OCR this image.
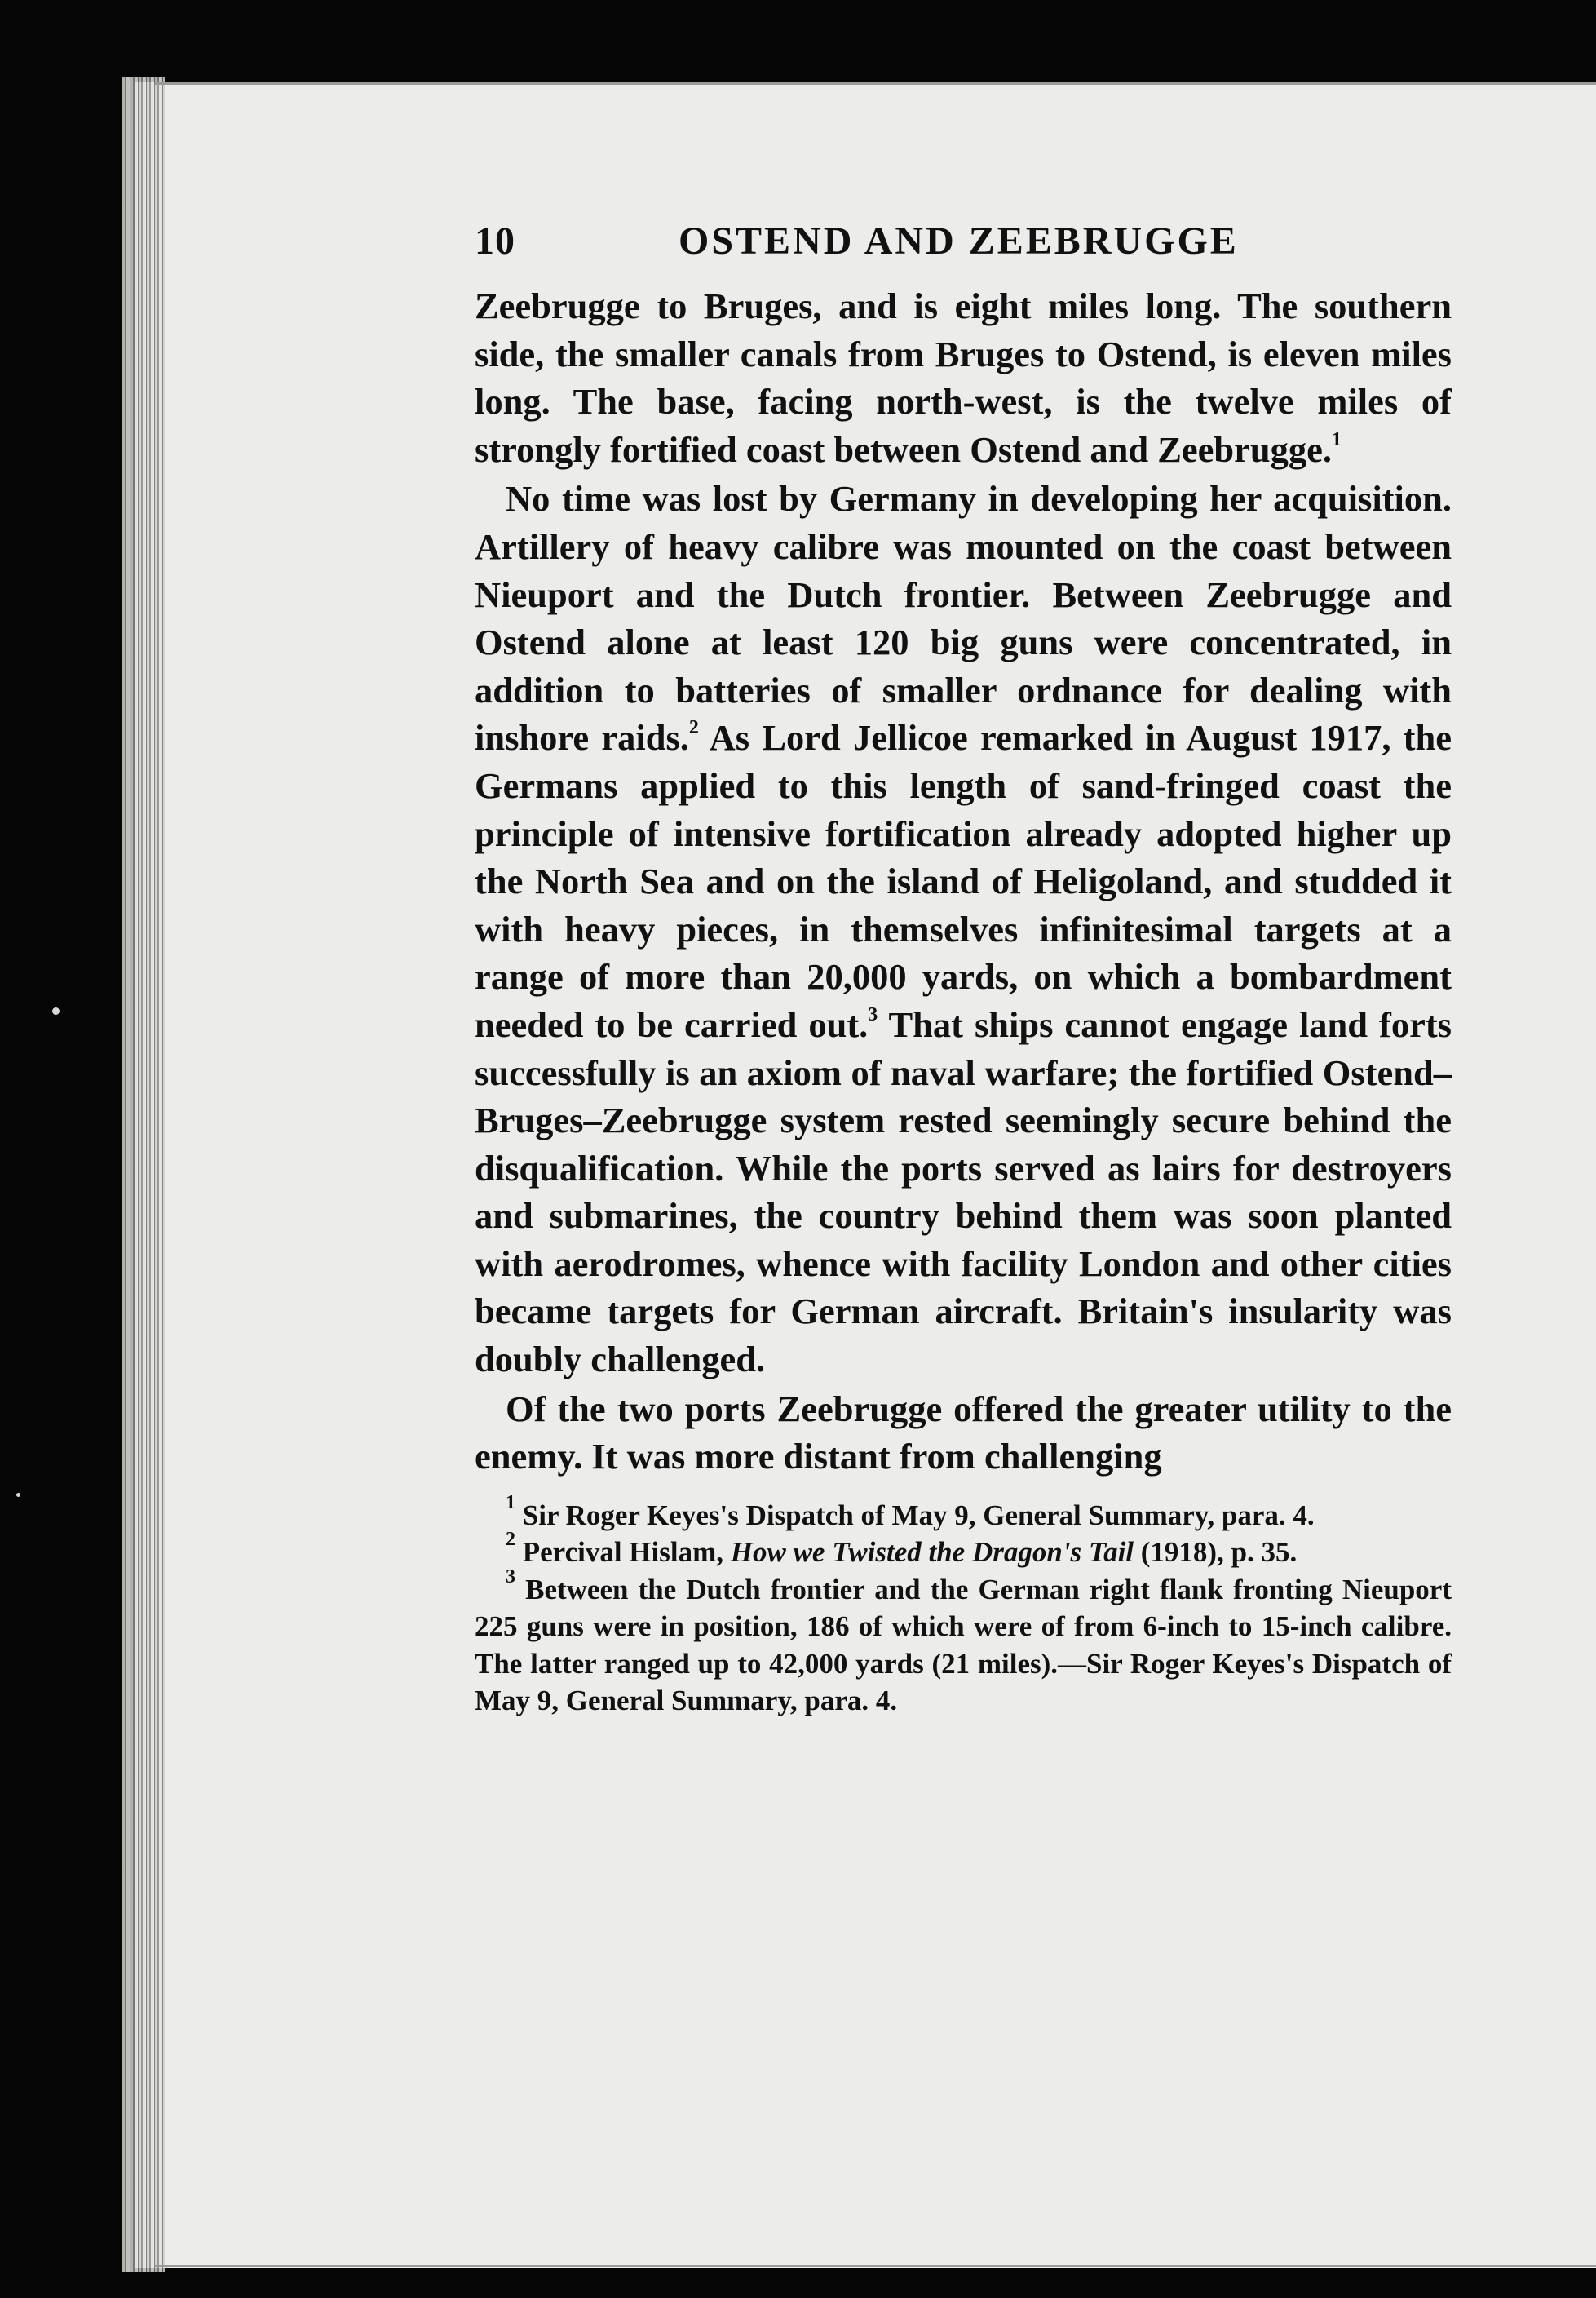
10	OSTEND AND ZEEBRUGGE

Zeebrugge to Bruges, and is eight miles long. The southern side, the smaller canals from Bruges to Ostend, is eleven miles long. The base, facing north-west, is the twelve miles of strongly fortified coast between Ostend and Zeebrugge.$^1$

No time was lost by Germany in developing her acquisition. Artillery of heavy calibre was mounted on the coast between Nieuport and the Dutch frontier. Between Zeebrugge and Ostend alone at least 120 big guns were concentrated, in addition to batteries of smaller ordnance for dealing with inshore raids.$^2$ As Lord Jellicoe remarked in August 1917, the Germans applied to this length of sand-fringed coast the principle of intensive fortification already adopted higher up the North Sea and on the island of Heligoland, and studded it with heavy pieces, in themselves infinitesimal targets at a range of more than 20,000 yards, on which a bombardment needed to be carried out.$^3$ That ships cannot engage land forts successfully is an axiom of naval warfare; the fortified Ostend–Bruges–Zeebrugge system rested seemingly secure behind the disqualification. While the ports served as lairs for destroyers and submarines, the country behind them was soon planted with aerodromes, whence with facility London and other cities became targets for German aircraft. Britain's insularity was doubly challenged.

Of the two ports Zeebrugge offered the greater utility to the enemy. It was more distant from challenging

$^1$ Sir Roger Keyes's Dispatch of May 9, General Summary, para. 4.

$^2$ Percival Hislam, How we Twisted the Dragon's Tail (1918), p. 35.

$^3$ Between the Dutch frontier and the German right flank fronting Nieuport 225 guns were in position, 186 of which were of from 6-inch to 15-inch calibre. The latter ranged up to 42,000 yards (21 miles).—Sir Roger Keyes's Dispatch of May 9, General Summary, para. 4.
